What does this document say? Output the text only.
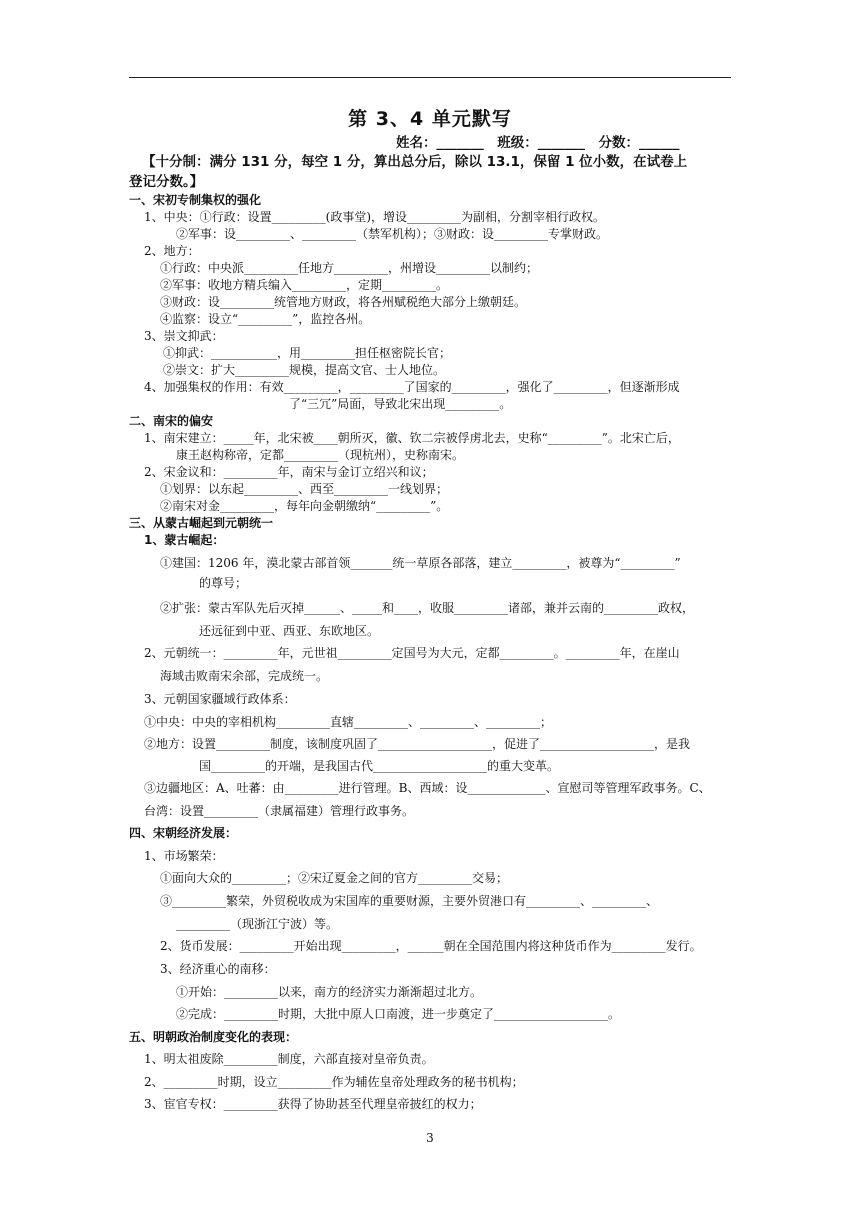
第 3、4 单元默写
姓名：_______　班级：_______　分数：______
【十分制：满分 131 分，每空 1 分，算出总分后，除以 13.1，保留 1 位小数，在试卷上
登记分数。】
一、宋初专制集权的强化
1、中央：①行政：设置_________(政事堂)，增设_________为副相，分割宰相行政权。
②军事：设_________、_________（禁军机构）；③财政：设_________专掌财政。
2、地方：
①行政：中央派_________任地方_________，州增设_________以制约；
②军事：收地方精兵编入_________，定期_________。
③财政：设_________统管地方财政，将各州赋税绝大部分上缴朝廷。
④监察：设立“_________”，监控各州。
3、崇文抑武：
①抑武：___________，用_________担任枢密院长官；
②崇文：扩大_________规模，提高文官、士人地位。
4、加强集权的作用：有效_________，_________了国家的_________，强化了_________，但逐渐形成
了“三冗”局面，导致北宋出现_________。
二、南宋的偏安
1、南宋建立：_____年，北宋被____朝所灭，徽、钦二宗被俘虏北去，史称“_________”。北宋亡后，
康王赵构称帝，定都_________（现杭州），史称南宋。
2、宋金议和：_________年，南宋与金订立绍兴和议；
①划界：以东起_________、西至_________一线划界；
②南宋对金_________，每年向金朝缴纳“_________”。
三、从蒙古崛起到元朝统一
1、蒙古崛起：
①建国：1206 年，漠北蒙古部首领_______统一草原各部落，建立_________，被尊为“_________”
的尊号；
②扩张：蒙古军队先后灭掉______、_____和____，收服_________诸部，兼并云南的_________政权，
还远征到中亚、西亚、东欧地区。
2、元朝统一：_________年，元世祖_________定国号为大元，定都_________。_________年，在崖山
海域击败南宋余部，完成统一。
3、元朝国家疆域行政体系：
①中央：中央的宰相机构_________直辖_________、_________、_________；
②地方：设置_________制度，该制度巩固了___________________，促进了___________________，是我
国_________的开端，是我国古代___________________的重大变革。
③边疆地区：A、吐蕃：由_________进行管理。B、西域：设_____________、宣慰司等管理军政事务。C、
台湾：设置_________（隶属福建）管理行政事务。
四、宋朝经济发展：
1、市场繁荣：
①面向大众的_________；②宋辽夏金之间的官方_________交易；
③_________繁荣，外贸税收成为宋国库的重要财源，主要外贸港口有_________、_________、
_________（现浙江宁波）等。
2、货币发展：_________开始出现_________，______朝在全国范围内将这种货币作为_________发行。
3、经济重心的南移：
①开始：_________以来，南方的经济实力渐渐超过北方。
②完成：_________时期，大批中原人口南渡，进一步奠定了___________________。
五、明朝政治制度变化的表现：
1、明太祖废除_________制度，六部直接对皇帝负责。
2、_________时期，设立_________作为辅佐皇帝处理政务的秘书机构；
3、宦官专权：_________获得了协助甚至代理皇帝披红的权力；
3
